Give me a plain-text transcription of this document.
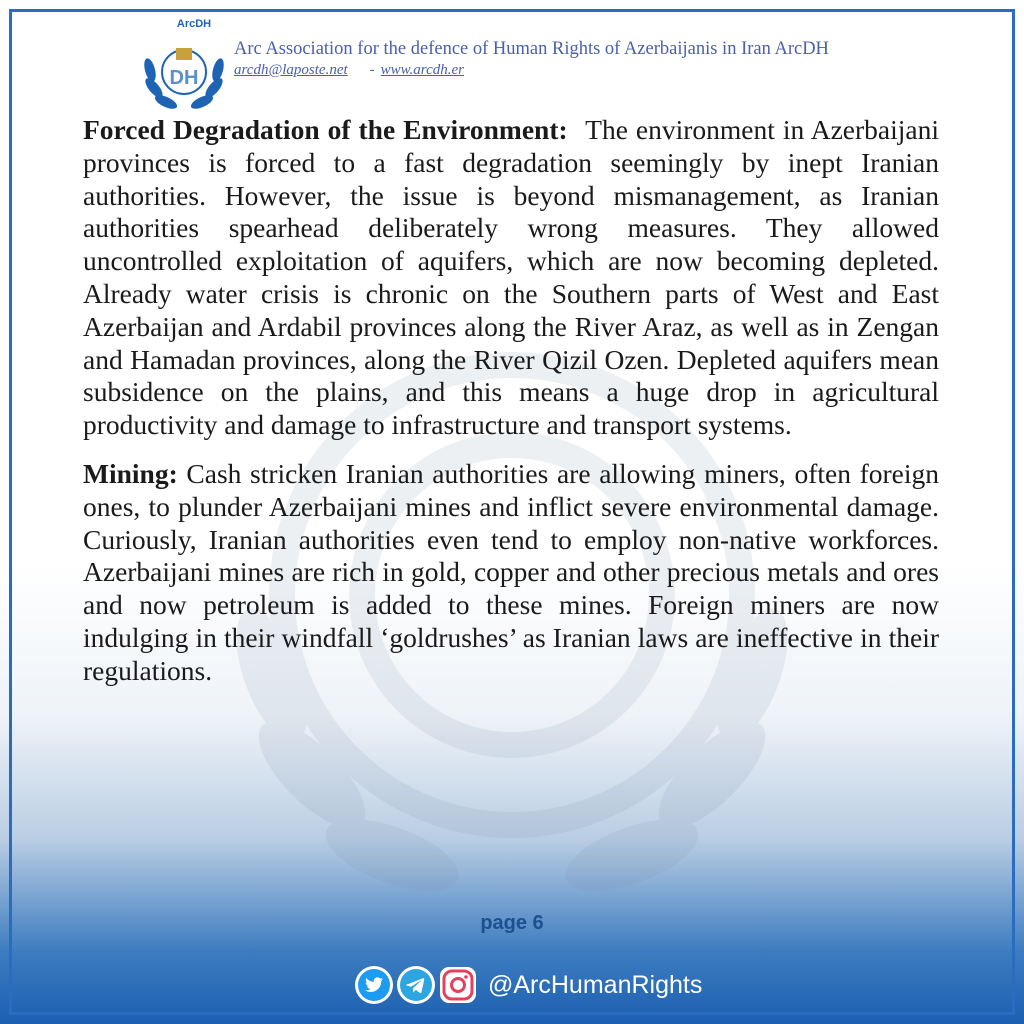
DH
ArcDH
Arc Association for the defence of Human Rights of Azerbaijanis in Iran ArcDH
arcdh@laposte.net - www.arcdh.er

Forced Degradation of the Environment: The environment in Azerbaijani provinces is forced to a fast degradation seemingly by inept Iranian authorities. However, the issue is beyond mismanagement, as Iranian authorities spearhead deliberately wrong measures. They allowed uncontrolled exploitation of aquifers, which are now becoming depleted. Already water crisis is chronic on the Southern parts of West and East Azerbaijan and Ardabil provinces along the River Araz, as well as in Zengan and Hamadan provinces, along the River Qizil Ozen. Depleted aquifers mean subsidence on the plains, and this means a huge drop in agricultural productivity and damage to infrastructure and transport systems.

Mining: Cash stricken Iranian authorities are allowing miners, often foreign ones, to plunder Azerbaijani mines and inflict severe environmental damage. Curiously, Iranian authorities even tend to employ non-native workforces. Azerbaijani mines are rich in gold, copper and other precious metals and ores and now petroleum is added to these mines. Foreign miners are now indulging in their windfall ‘goldrushes’ as Iranian laws are ineffective in their regulations.

page 6
@ArcHumanRights
